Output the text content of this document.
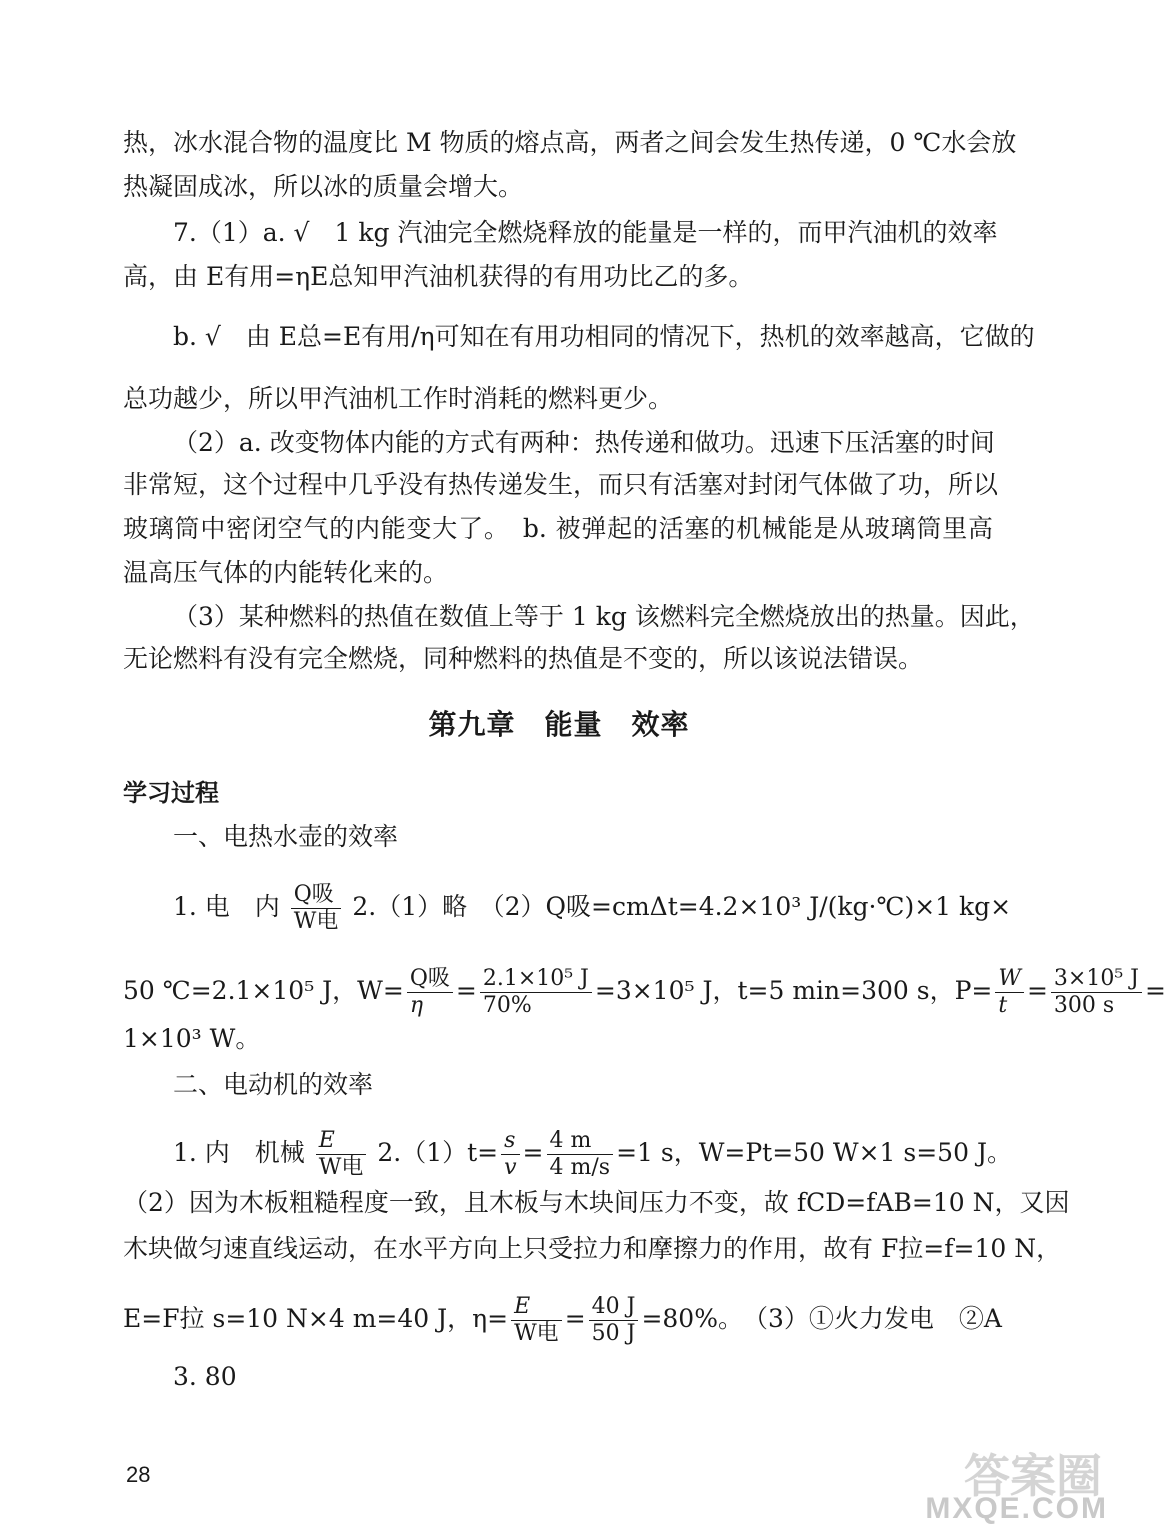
热，冰水混合物的温度比 M 物质的熔点高，两者之间会发生热传递，0 ℃水会放
热凝固成冰，所以冰的质量会增大。
7.（1）a. √　1 kg 汽油完全燃烧释放的能量是一样的，而甲汽油机的效率
高，由 E有用=ηE总知甲汽油机获得的有用功比乙的多。
b. √　由 E总=E有用/η可知在有用功相同的情况下，热机的效率越高，它做的
总功越少，所以甲汽油机工作时消耗的燃料更少。
（2）a. 改变物体内能的方式有两种：热传递和做功。迅速下压活塞的时间
非常短，这个过程中几乎没有热传递发生，而只有活塞对封闭气体做了功，所以
玻璃筒中密闭空气的内能变大了。　b. 被弹起的活塞的机械能是从玻璃筒里高
温高压气体的内能转化来的。
（3）某种燃料的热值在数值上等于 1 kg 该燃料完全燃烧放出的热量。因此，
无论燃料有没有完全燃烧，同种燃料的热值是不变的，所以该说法错误。
第九章　能量　效率
学习过程
一、电热水壶的效率
1. 电　内 $\frac{\text{Q吸}}{\text{W电}} 2.(1)$略　（2）Q吸=cmΔt=4.2×10³ J/(kg·℃)×1 kg×
50 ℃=2.1×10⁵ J，$W= \frac{\text{Q吸}}{\eta} = \frac{\text{2.1×10⁵ J}}{70\%} =3\times 10^5$ J，t=5 min=300 s，$P= \frac{W}{t} = \frac{\text{3×10⁵ J}}{300 s}$ =
1×10³ W。
二、电动机的效率
1. 内　机械 $\frac{E}{\text{W电}} 2.(1)t= \frac{s}{v} = \frac{4 m}{4 m/s} =1$ s，W=Pt=50 W×1 s=50 J。
（2）因为木板粗糙程度一致，且木板与木块间压力不变，故 fCD=fAB=10 N，又因
木块做匀速直线运动，在水平方向上只受拉力和摩擦力的作用，故有 F拉=f=10 N，
E=F拉 s=10 N×4 m=40 J，$\eta= \frac{E}{\text{W电}} = \frac{40 J}{50 J} =80\%$。　（3）①火力发电　②A
3. 80
28	答案圈
MXQE.COM
